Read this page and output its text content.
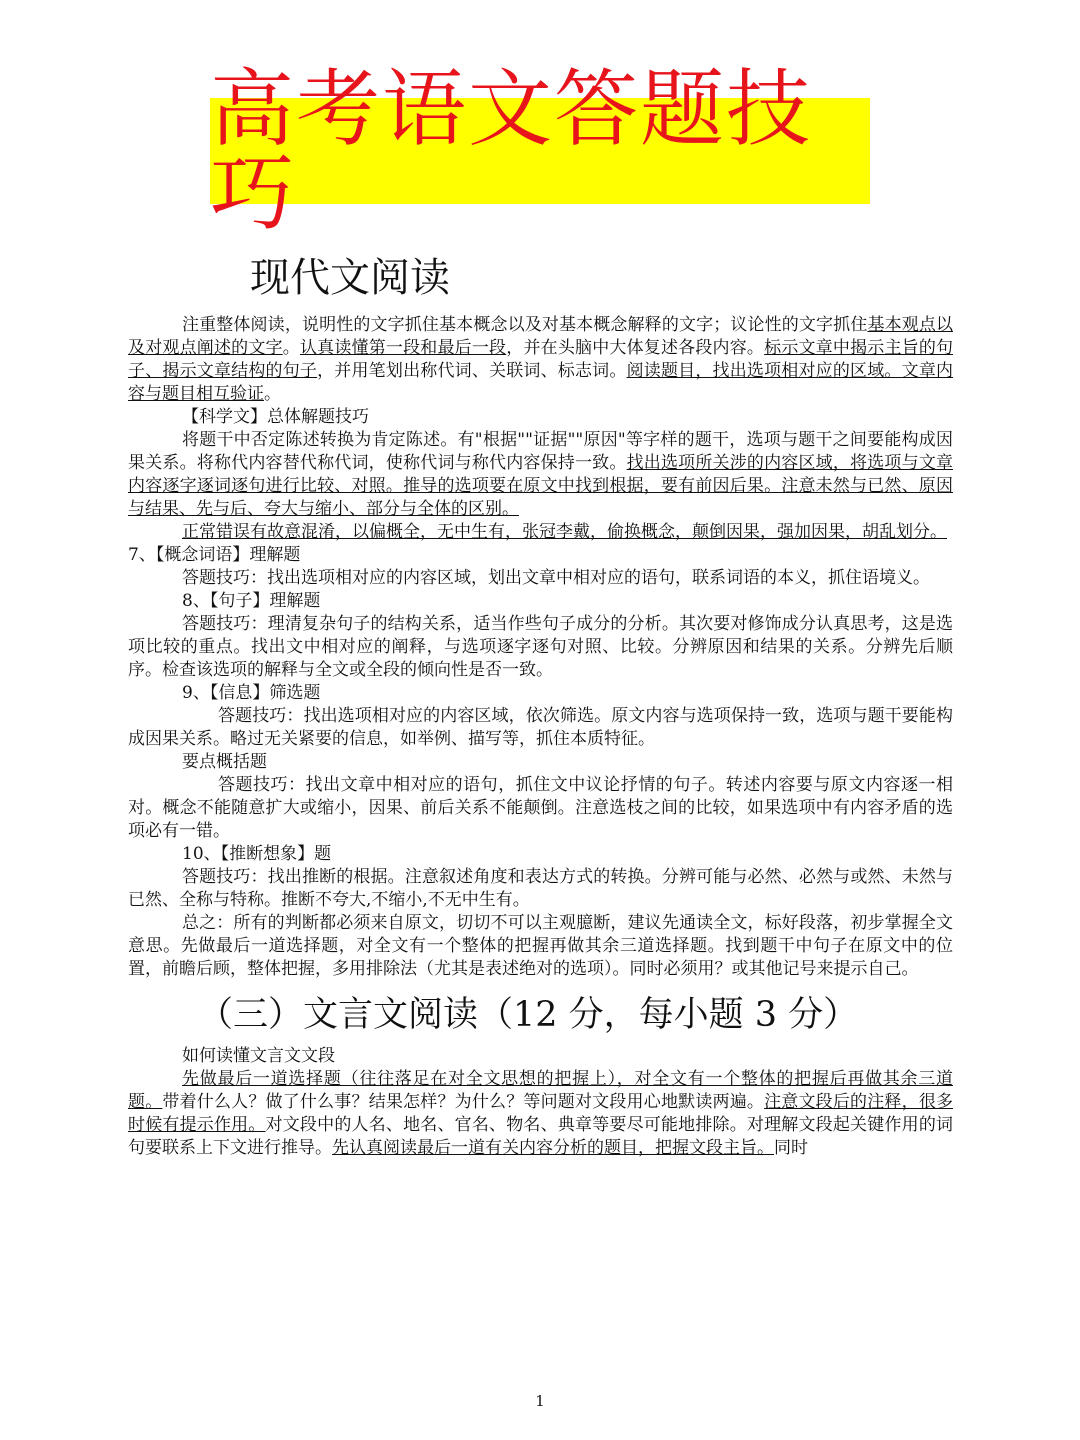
高考语文答题技巧
现代文阅读

注重整体阅读，说明性的文字抓住基本概念以及对基本概念解释的文字；议论性的文字抓住基本观点以及对观点阐述的文字。认真读懂第一段和最后一段，并在头脑中大体复述各段内容。标示文章中揭示主旨的句子、揭示文章结构的句子，并用笔划出称代词、关联词、标志词。阅读题目，找出选项相对应的区域。文章内容与题目相互验证。

【科学文】总体解题技巧

将题干中否定陈述转换为肯定陈述。有"根据""证据""原因"等字样的题干，选项与题干之间要能构成因果关系。将称代内容替代称代词，使称代词与称代内容保持一致。找出选项所关涉的内容区域，将选项与文章内容逐字逐词逐句进行比较、对照。推导的选项要在原文中找到根据，要有前因后果。注意未然与已然、原因与结果、先与后、夸大与缩小、部分与全体的区别。

正常错误有故意混淆，以偏概全，无中生有，张冠李戴，偷换概念，颠倒因果，强加因果，胡乱划分。

7、【概念词语】理解题

答题技巧：找出选项相对应的内容区域，划出文章中相对应的语句，联系词语的本义，抓住语境义。

8、【句子】理解题

答题技巧：理清复杂句子的结构关系，适当作些句子成分的分析。其次要对修饰成分认真思考，这是选项比较的重点。找出文中相对应的阐释，与选项逐字逐句对照、比较。分辨原因和结果的关系。分辨先后顺序。检查该选项的解释与全文或全段的倾向性是否一致。

9、【信息】筛选题

答题技巧：找出选项相对应的内容区域，依次筛选。原文内容与选项保持一致，选项与题干要能构成因果关系。略过无关紧要的信息，如举例、描写等，抓住本质特征。

要点概括题

答题技巧：找出文章中相对应的语句，抓住文中议论抒情的句子。转述内容要与原文内容逐一相对。概念不能随意扩大或缩小，因果、前后关系不能颠倒。注意选枝之间的比较，如果选项中有内容矛盾的选项必有一错。

10、【推断想象】题

答题技巧：找出推断的根据。注意叙述角度和表达方式的转换。分辨可能与必然、必然与或然、未然与已然、全称与特称。推断不夸大,不缩小,不无中生有。

总之：所有的判断都必须来自原文，切切不可以主观臆断，建议先通读全文，标好段落，初步掌握全文意思。先做最后一道选择题，对全文有一个整体的把握再做其余三道选择题。找到题干中句子在原文中的位置，前瞻后顾，整体把握，多用排除法（尤其是表述绝对的选项）。同时必须用？或其他记号来提示自己。

（三）文言文阅读（12 分，每小题 3 分）

如何读懂文言文文段

先做最后一道选择题（往往落足在对全文思想的把握上），对全文有一个整体的把握后再做其余三道题。带着什么人？做了什么事？结果怎样？为什么？等问题对文段用心地默读两遍。注意文段后的注释，很多时候有提示作用。对文段中的人名、地名、官名、物名、典章等要尽可能地排除。对理解文段起关键作用的词句要联系上下文进行推导。先认真阅读最后一道有关内容分析的题目，把握文段主旨。同时

1
